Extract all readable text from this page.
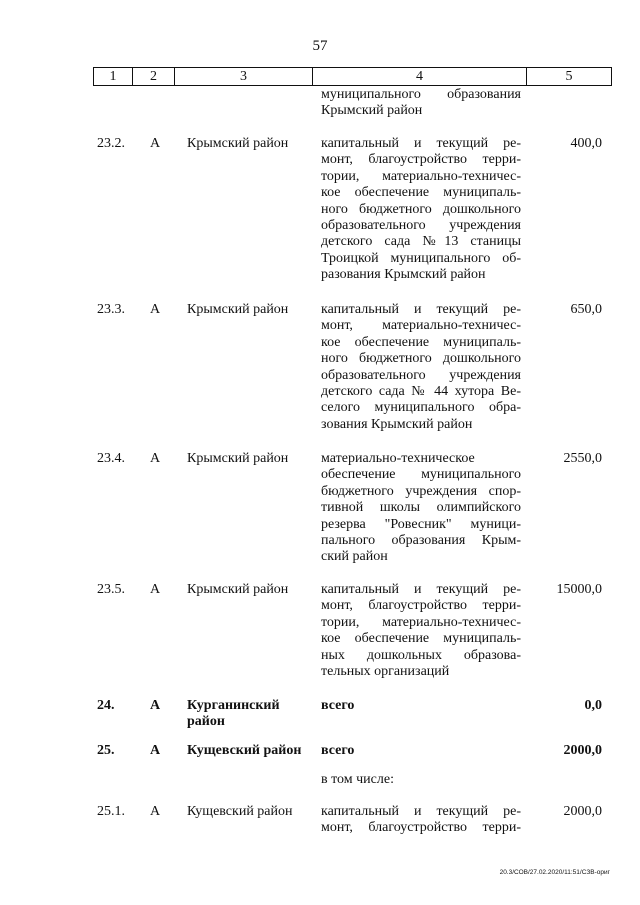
57
1	2	3	4	5
муниципального образования
Крымский район
23.2.	А	Крымский район	капитальный и текущий ре-
монт, благоустройство терри-
тории, материально-техничес-
кое обеспечение муниципаль-
ного бюджетного дошкольного
образовательного учреждения
детского сада №13 станицы
Троицкой муниципального об-
разования Крымский район
400,0
23.3.	А	Крымский район	капитальный и текущий ре-
монт, материально-техничес-
кое обеспечение муниципаль-
ного бюджетного дошкольного
образовательного учреждения
детского сада № 44 хутора Ве-
селого муниципального обра-
зования Крымский район
650,0
23.4.	А	Крымский район	материально-техническое
обеспечение муниципального
бюджетного учреждения спор-
тивной школы олимпийского
резерва "Ровесник" муници-
пального образования Крым-
ский район
2550,0
23.5.	А	Крымский район	капитальный и текущий ре-
монт, благоустройство терри-
тории, материально-техничес-
кое обеспечение муниципаль-
ных дошкольных образова-
тельных организаций
15000,0
24.	А	Курганинский
район
всего	0,0
25.	А	Кущевский район	всего	2000,0
в том числе:
25.1.	А	Кущевский район	капитальный и текущий ре-
монт, благоустройство терри-
2000,0
20.3/СОВ/27.02.2020/11:51/СЗВ-ориг
